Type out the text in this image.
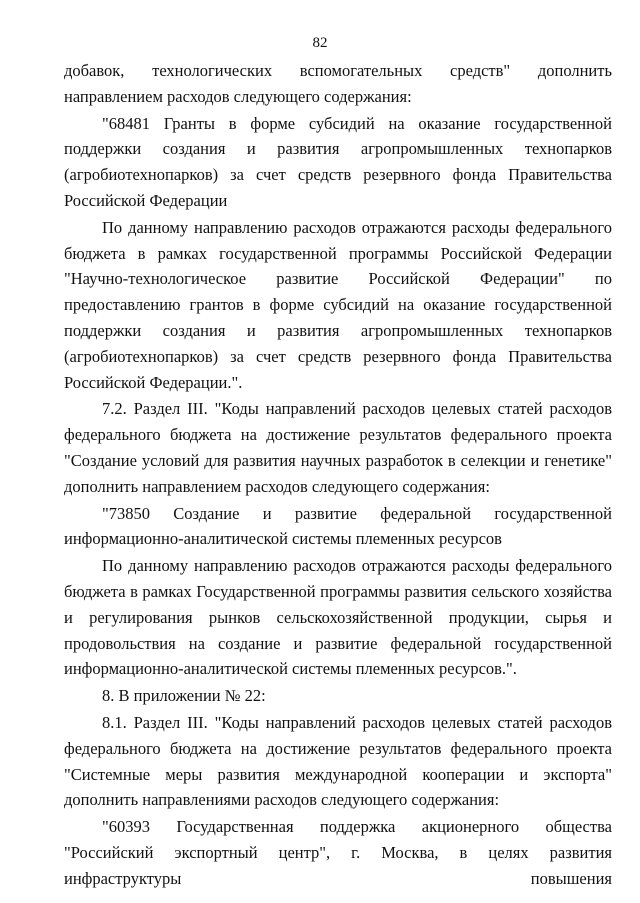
82

добавок, технологических вспомогательных средств" дополнить направлением расходов следующего содержания:

"68481 Гранты в форме субсидий на оказание государственной поддержки создания и развития агропромышленных технопарков (агробиотехнопарков) за счет средств резервного фонда Правительства Российской Федерации

По данному направлению расходов отражаются расходы федерального бюджета в рамках государственной программы Российской Федерации "Научно-технологическое развитие Российской Федерации" по предоставлению грантов в форме субсидий на оказание государственной поддержки создания и развития агропромышленных технопарков (агробиотехнопарков) за счет средств резервного фонда Правительства Российской Федерации.".

7.2. Раздел III. "Коды направлений расходов целевых статей расходов федерального бюджета на достижение результатов федерального проекта "Создание условий для развития научных разработок в селекции и генетике" дополнить направлением расходов следующего содержания:

"73850 Создание и развитие федеральной государственной информационно-аналитической системы племенных ресурсов

По данному направлению расходов отражаются расходы федерального бюджета в рамках Государственной программы развития сельского хозяйства и регулирования рынков сельскохозяйственной продукции, сырья и продовольствия на создание и развитие федеральной государственной информационно-аналитической системы племенных ресурсов.".

8. В приложении № 22:

8.1. Раздел III. "Коды направлений расходов целевых статей расходов федерального бюджета на достижение результатов федерального проекта "Системные меры развития международной кооперации и экспорта" дополнить направлениями расходов следующего содержания:

"60393 Государственная поддержка акционерного общества "Российский экспортный центр", г. Москва, в целях развития инфраструктуры повышения
